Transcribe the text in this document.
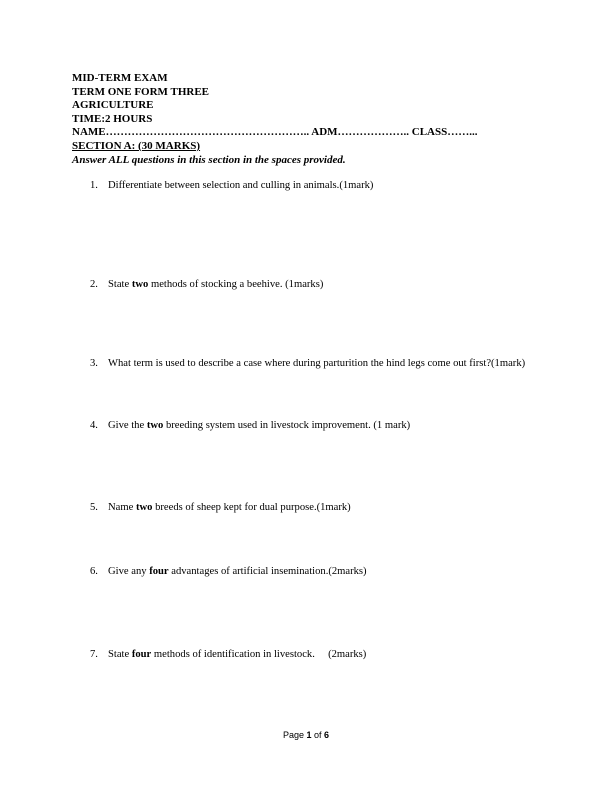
MID-TERM EXAM
TERM ONE FORM THREE
AGRICULTURE
TIME:2 HOURS
NAME……………………………………………….. ADM……………….. CLASS……...
SECTION A: (30 MARKS)
Answer ALL questions in this section in the spaces provided.
1. Differentiate between selection and culling in animals.(1mark)
2. State two methods of stocking a beehive. (1marks)
3. What term is used to describe a case where during parturition the hind legs come out first?(1mark)
4. Give the two breeding system used in livestock improvement. (1 mark)
5. Name two breeds of sheep kept for dual purpose.(1mark)
6. Give any four advantages of artificial insemination.(2marks)
7. State four methods of identification in livestock.     (2marks)
Page 1 of 6
